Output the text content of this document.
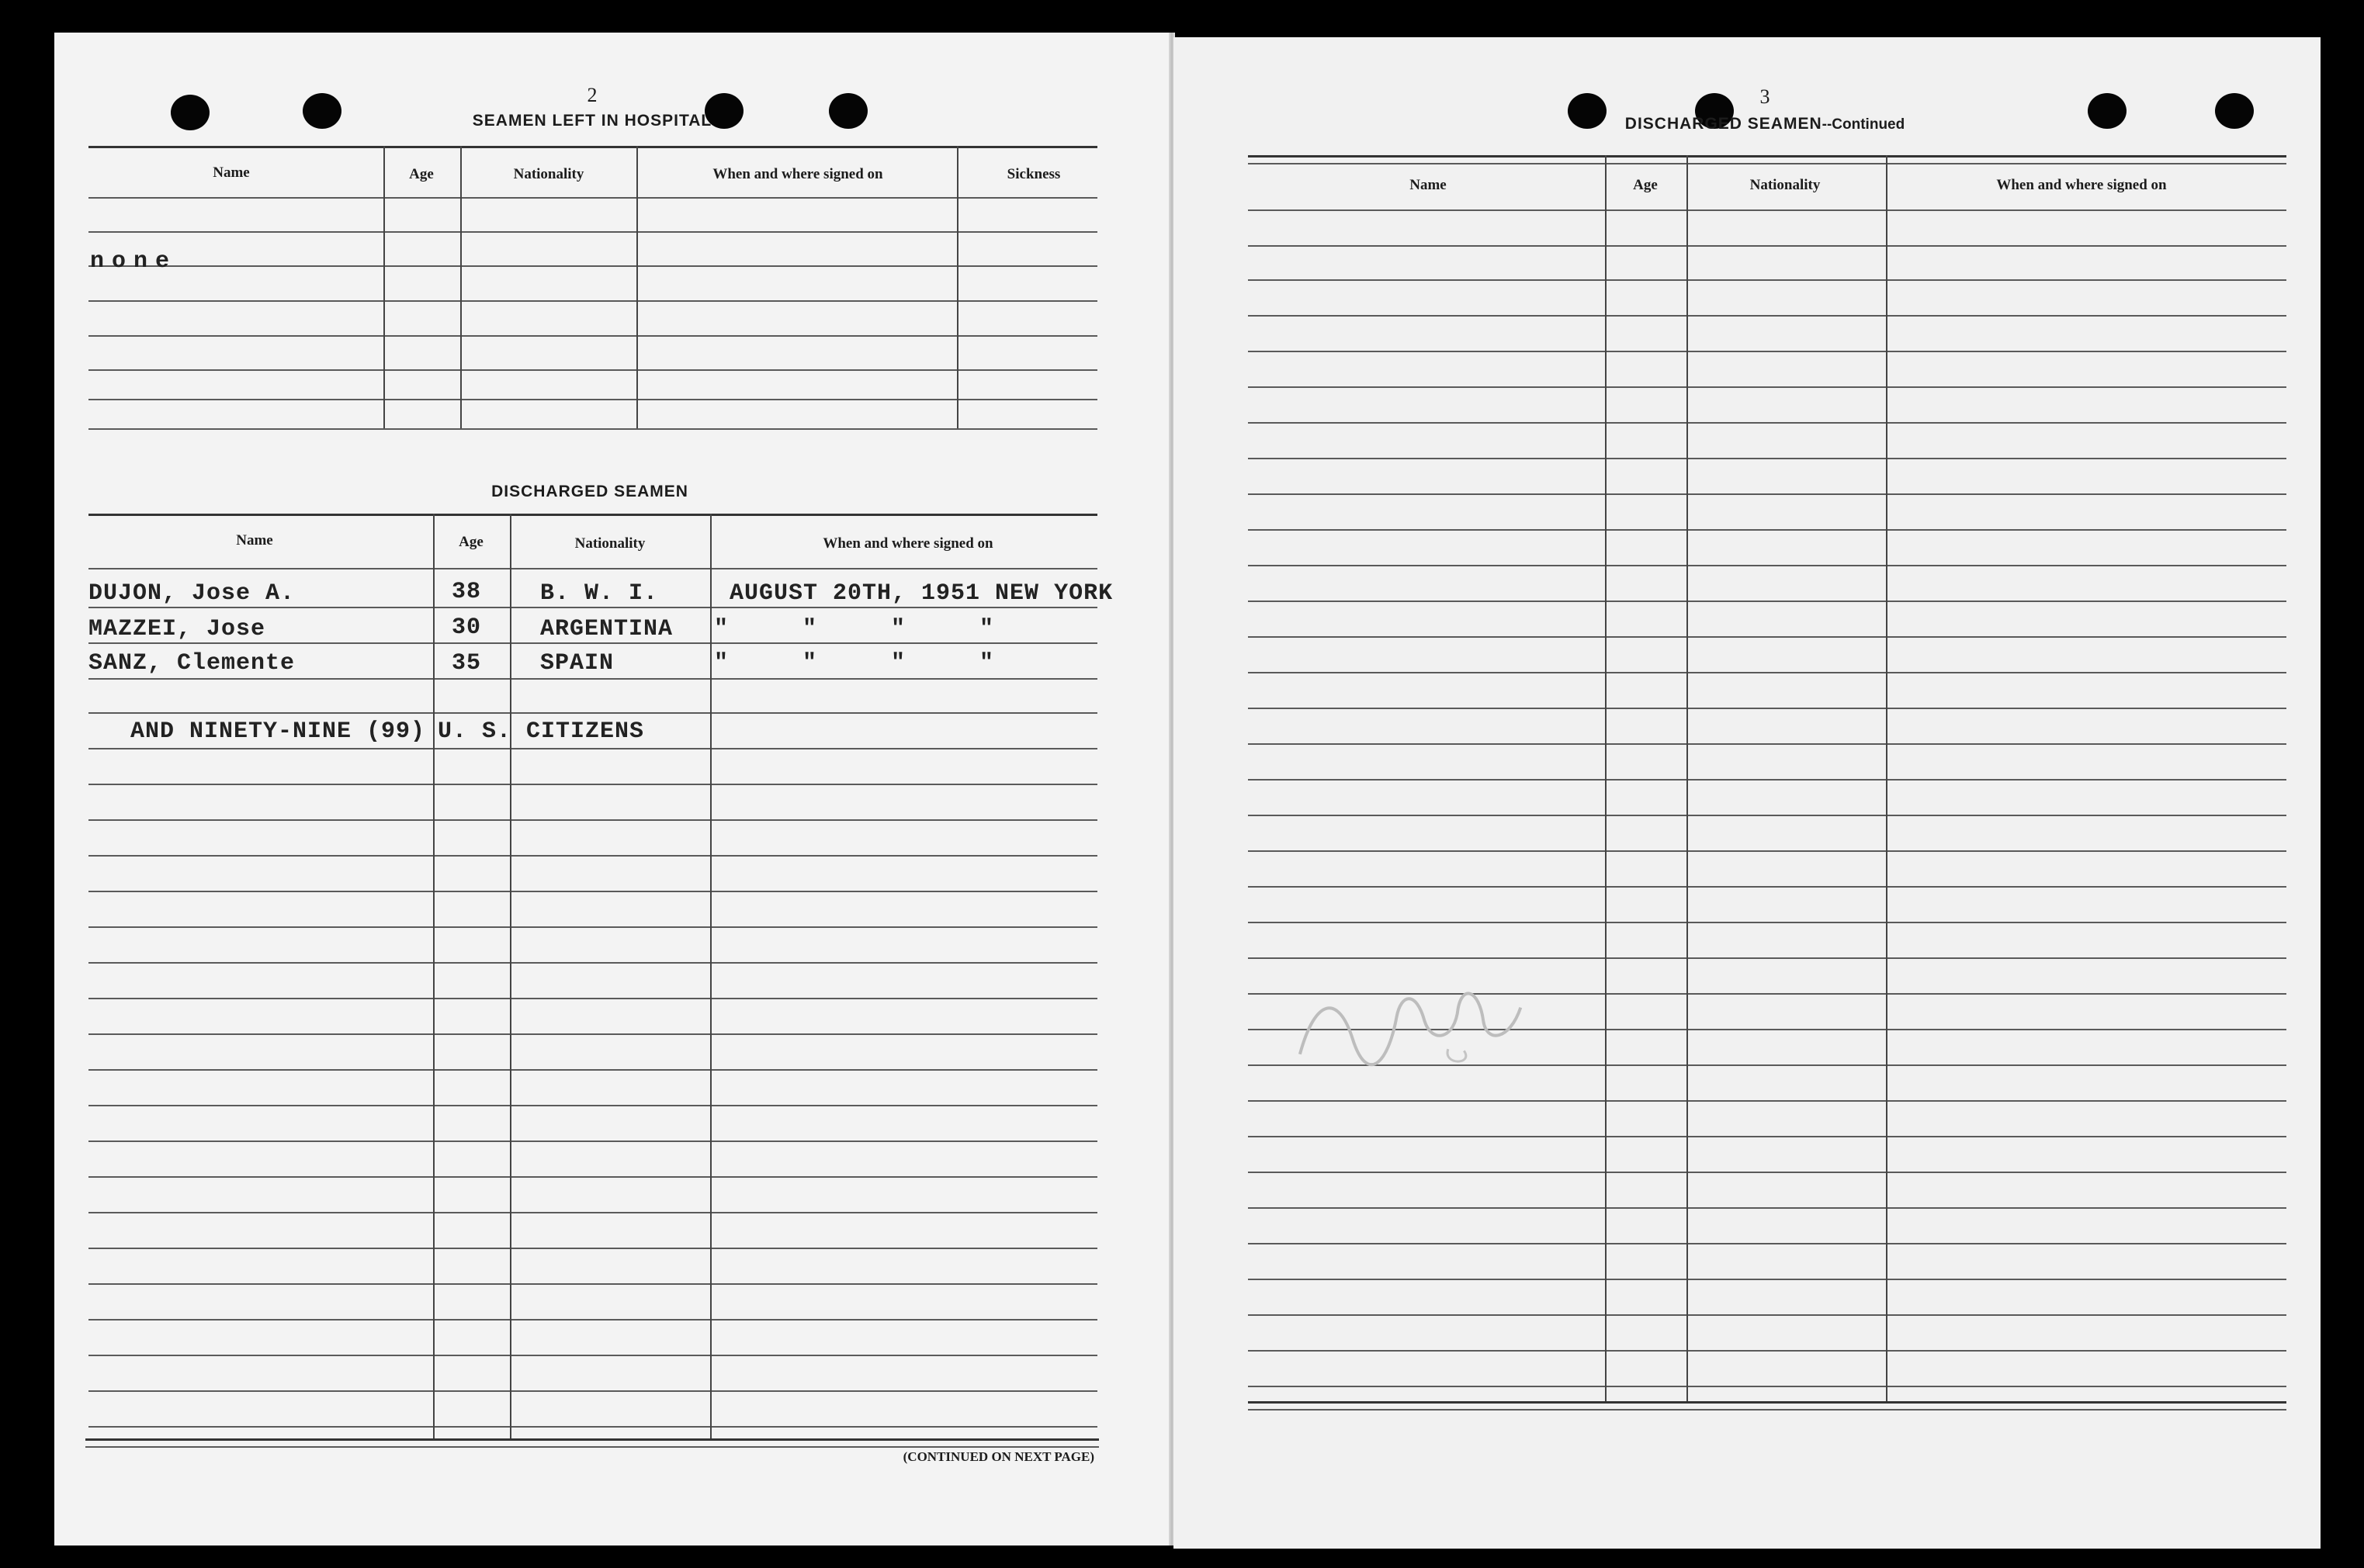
2
SEAMEN LEFT IN HOSPITAL
Name	Age	Nationality	When and where signed on	Sickness
none
DISCHARGED SEAMEN
Name	Age	Nationality	When and where signed on
DUJON, Jose A.	38	B. W. I.	AUGUST 20TH, 1951 NEW YORK
MAZZEI, Jose	30	ARGENTINA "     "     "     "
SANZ, Clemente	35	SPAIN	"     "     "     "
AND NINETY-NINE (99) U. S. CITIZENS
(CONTINUED ON NEXT PAGE)
3
DISCHARGED SEAMEN--Continued
Name	Age	Nationality	When and where signed on
